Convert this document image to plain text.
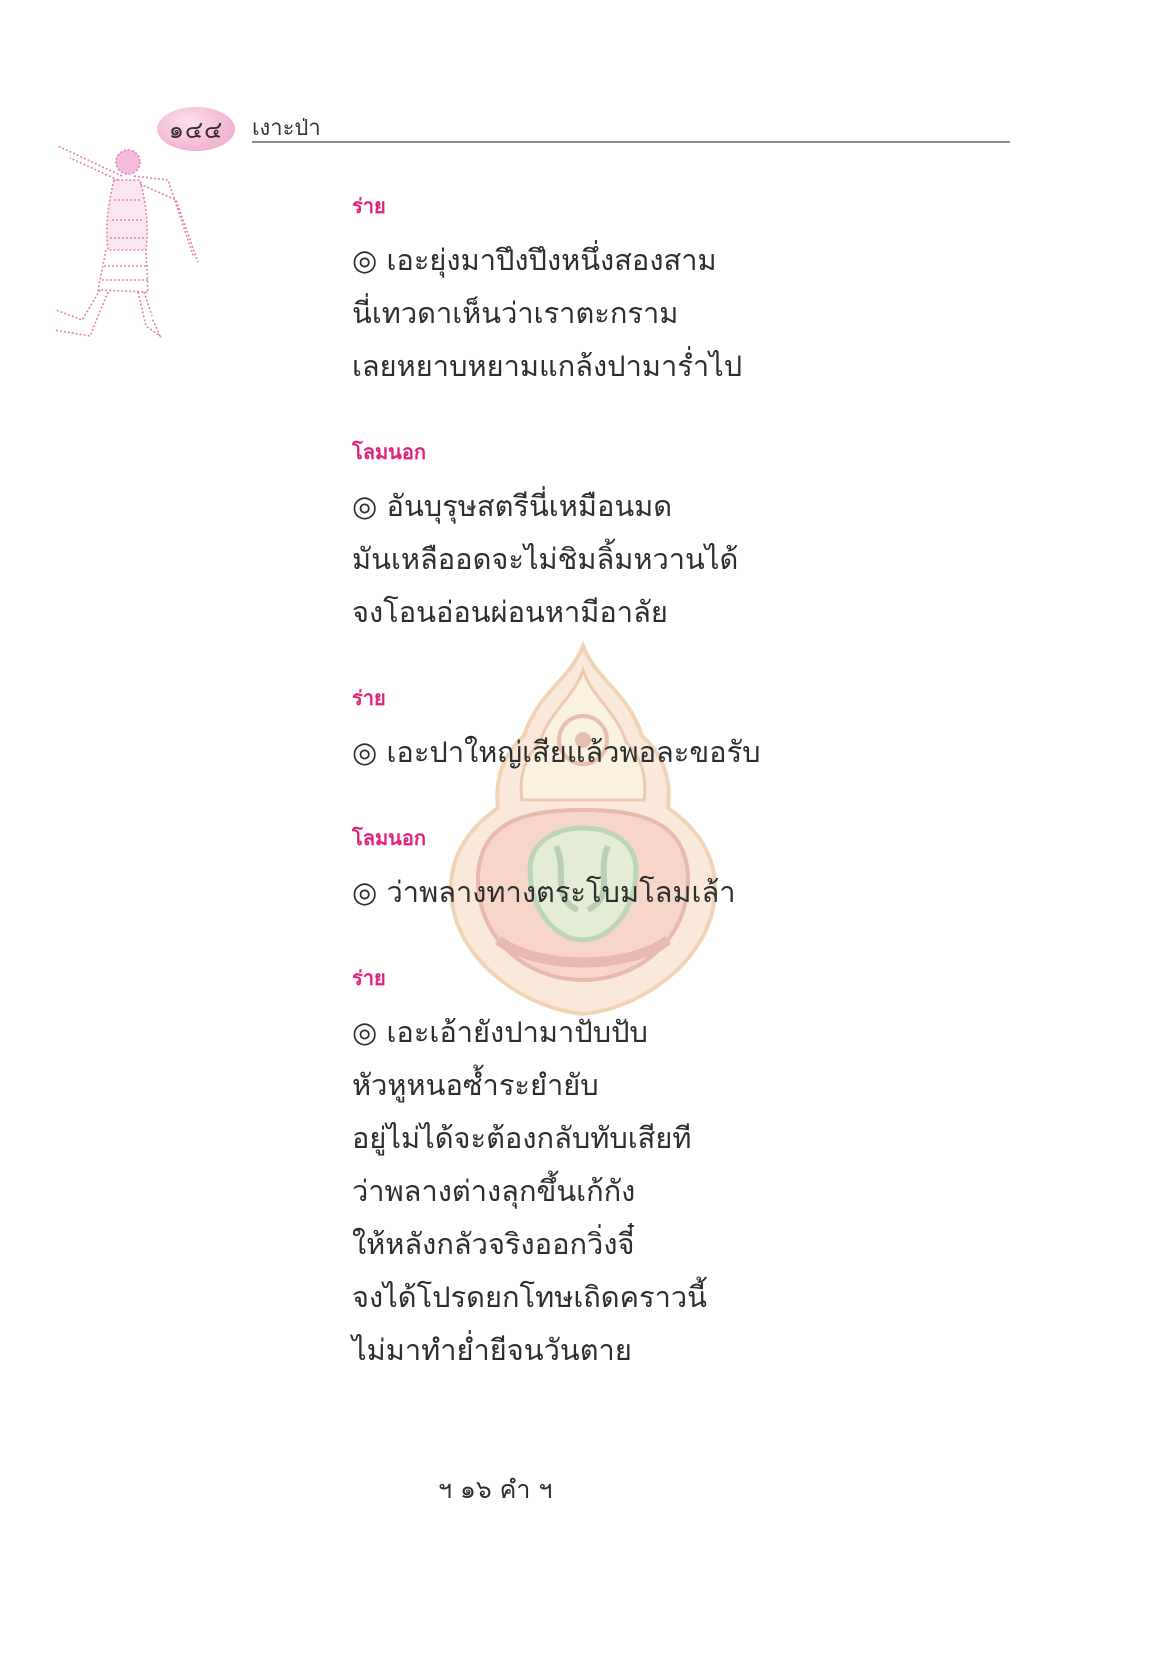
๑๔๔ เงาะป่า
ร่าย
◎ เอะยุ่งมาปึงปึงหนึ่งสองสาม
นี่เทวดาเห็นว่าเราตะกราม
เลยหยาบหยามแกล้งปามาร่ำไป
โลมนอก
◎ อันบุรุษสตรีนี่เหมือนมด
มันเหลืออดจะไม่ชิมลิ้มหวานได้
จงโอนอ่อนผ่อนหามีอาลัย
ร่าย
◎ เอะปาใหญ่เสียแล้วพอละขอรับ
โลมนอก
◎ ว่าพลางทางตระโบมโลมเล้า
ร่าย
◎ เอะเอ้ายังปามาปับปับ
หัวหูหนอซ้ำระยำยับ
อยู่ไม่ได้จะต้องกลับทับเสียที
ว่าพลางต่างลุกขึ้นเก้กัง
ให้หลังกลัวจริงออกวิ่งจี๋
จงได้โปรดยกโทษเถิดคราวนี้
ไม่มาทำย่ำยีจนวันตาย
ฯ ๑๖ คำ ฯ
